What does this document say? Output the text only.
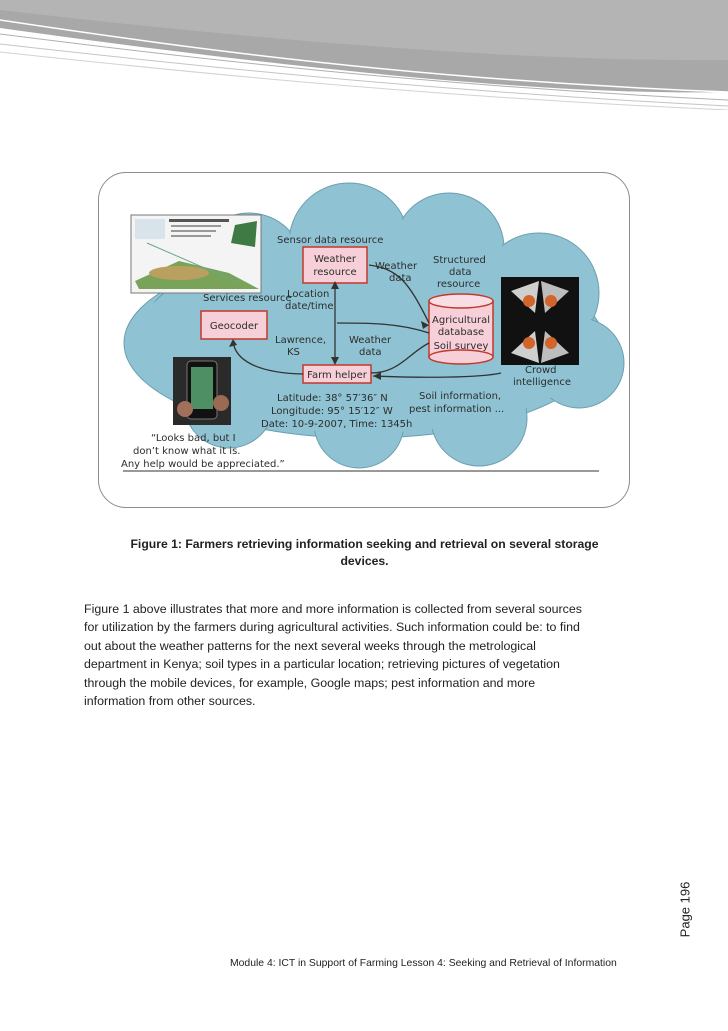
Sensor data resource
Weather
resource
Weather
data
Structured
data
resource
Services resource
Location
date/time
Geocoder
Agricultural
database
Soil survey
Lawrence,
KS
Weather
data
Farm helper	Crowd
intelligence
Latitude: 38° 57′36″ N
Longitude: 95° 15′12″ W
Date: 10-9-2007, Time: 1345h
Soil information,
pest information ...
“Looks bad, but I
don’t know what it is.
Any help would be appreciated.”
Figure 1: Farmers retrieving information seeking and retrieval on several storage
devices.
Figure 1 above illustrates that more and more information is collected from several sources
for utilization by the farmers during agricultural activities. Such information could be: to find
out about the weather patterns for the next several weeks through the metrological
department in Kenya; soil types in a particular location; retrieving pictures of vegetation
through the mobile devices, for example, Google maps; pest information and more
information from other sources.
Page 196
Module 4: ICT in Support of Farming Lesson 4: Seeking and Retrieval of Information
